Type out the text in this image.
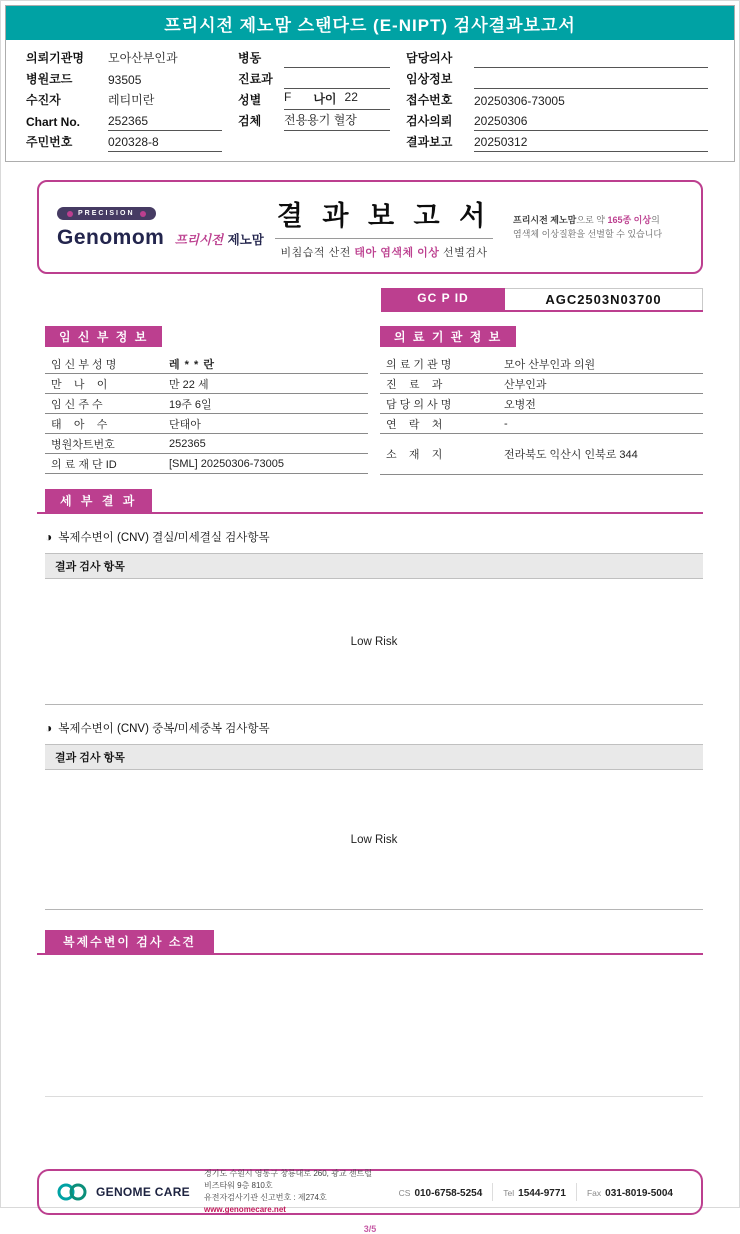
프리시전 제노맘 스탠다드 (E-NIPT) 검사결과보고서
의뢰기관명	모아산부인과
병원코드	93505
수진자	레티미란
Chart No.	252365
주민번호	020328-8
병동
진료과
성별	F 나이 22
검체	전용용기 혈장
담당의사
임상정보
접수번호	20250306-73005
검사의뢰	20250306
결과보고	20250312
PRECISION
Genomom 프리시전 제노맘
결 과 보 고 서
비침습적 산전 태아 염색체 이상 선별검사
프리시전 제노맘으로 약 165종 이상의
염색체 이상질환을 선별할 수 있습니다
GC P ID	AGC2503N03700
임 신 부 정 보
임 신 부 성 명	레 * * 란
만    나    이	만 22 세
임 신 주 수	19주 6일
태    아    수	단태아
병원차트번호	252365
의 료 재 단 ID	[SML] 20250306-73005
의 료 기 관 정 보
의 료 기 관 명	모아 산부인과 의원
진    료    과	산부인과
담 당 의 사 명	오병전
연    락    처	-
소    재    지	전라북도 익산시 인북로 344
세 부 결 과
◑ 복제수변이 (CNV) 결실/미세결실 검사항목
결과 검사 항목
Low Risk
◑ 복제수변이 (CNV) 중복/미세중복 검사항목
결과 검사 항목
Low Risk
복제수변이 검사 소견
GENOME CARE
경기도 수원시 영통구 창룡대로 260, 광교 센트럴비즈타워 9층 810호
유전자검사기관 신고번호 : 제274호
www.genomecare.net
CS 010-6758-5254	Tel 1544-9771	Fax 031-8019-5004
3/5
